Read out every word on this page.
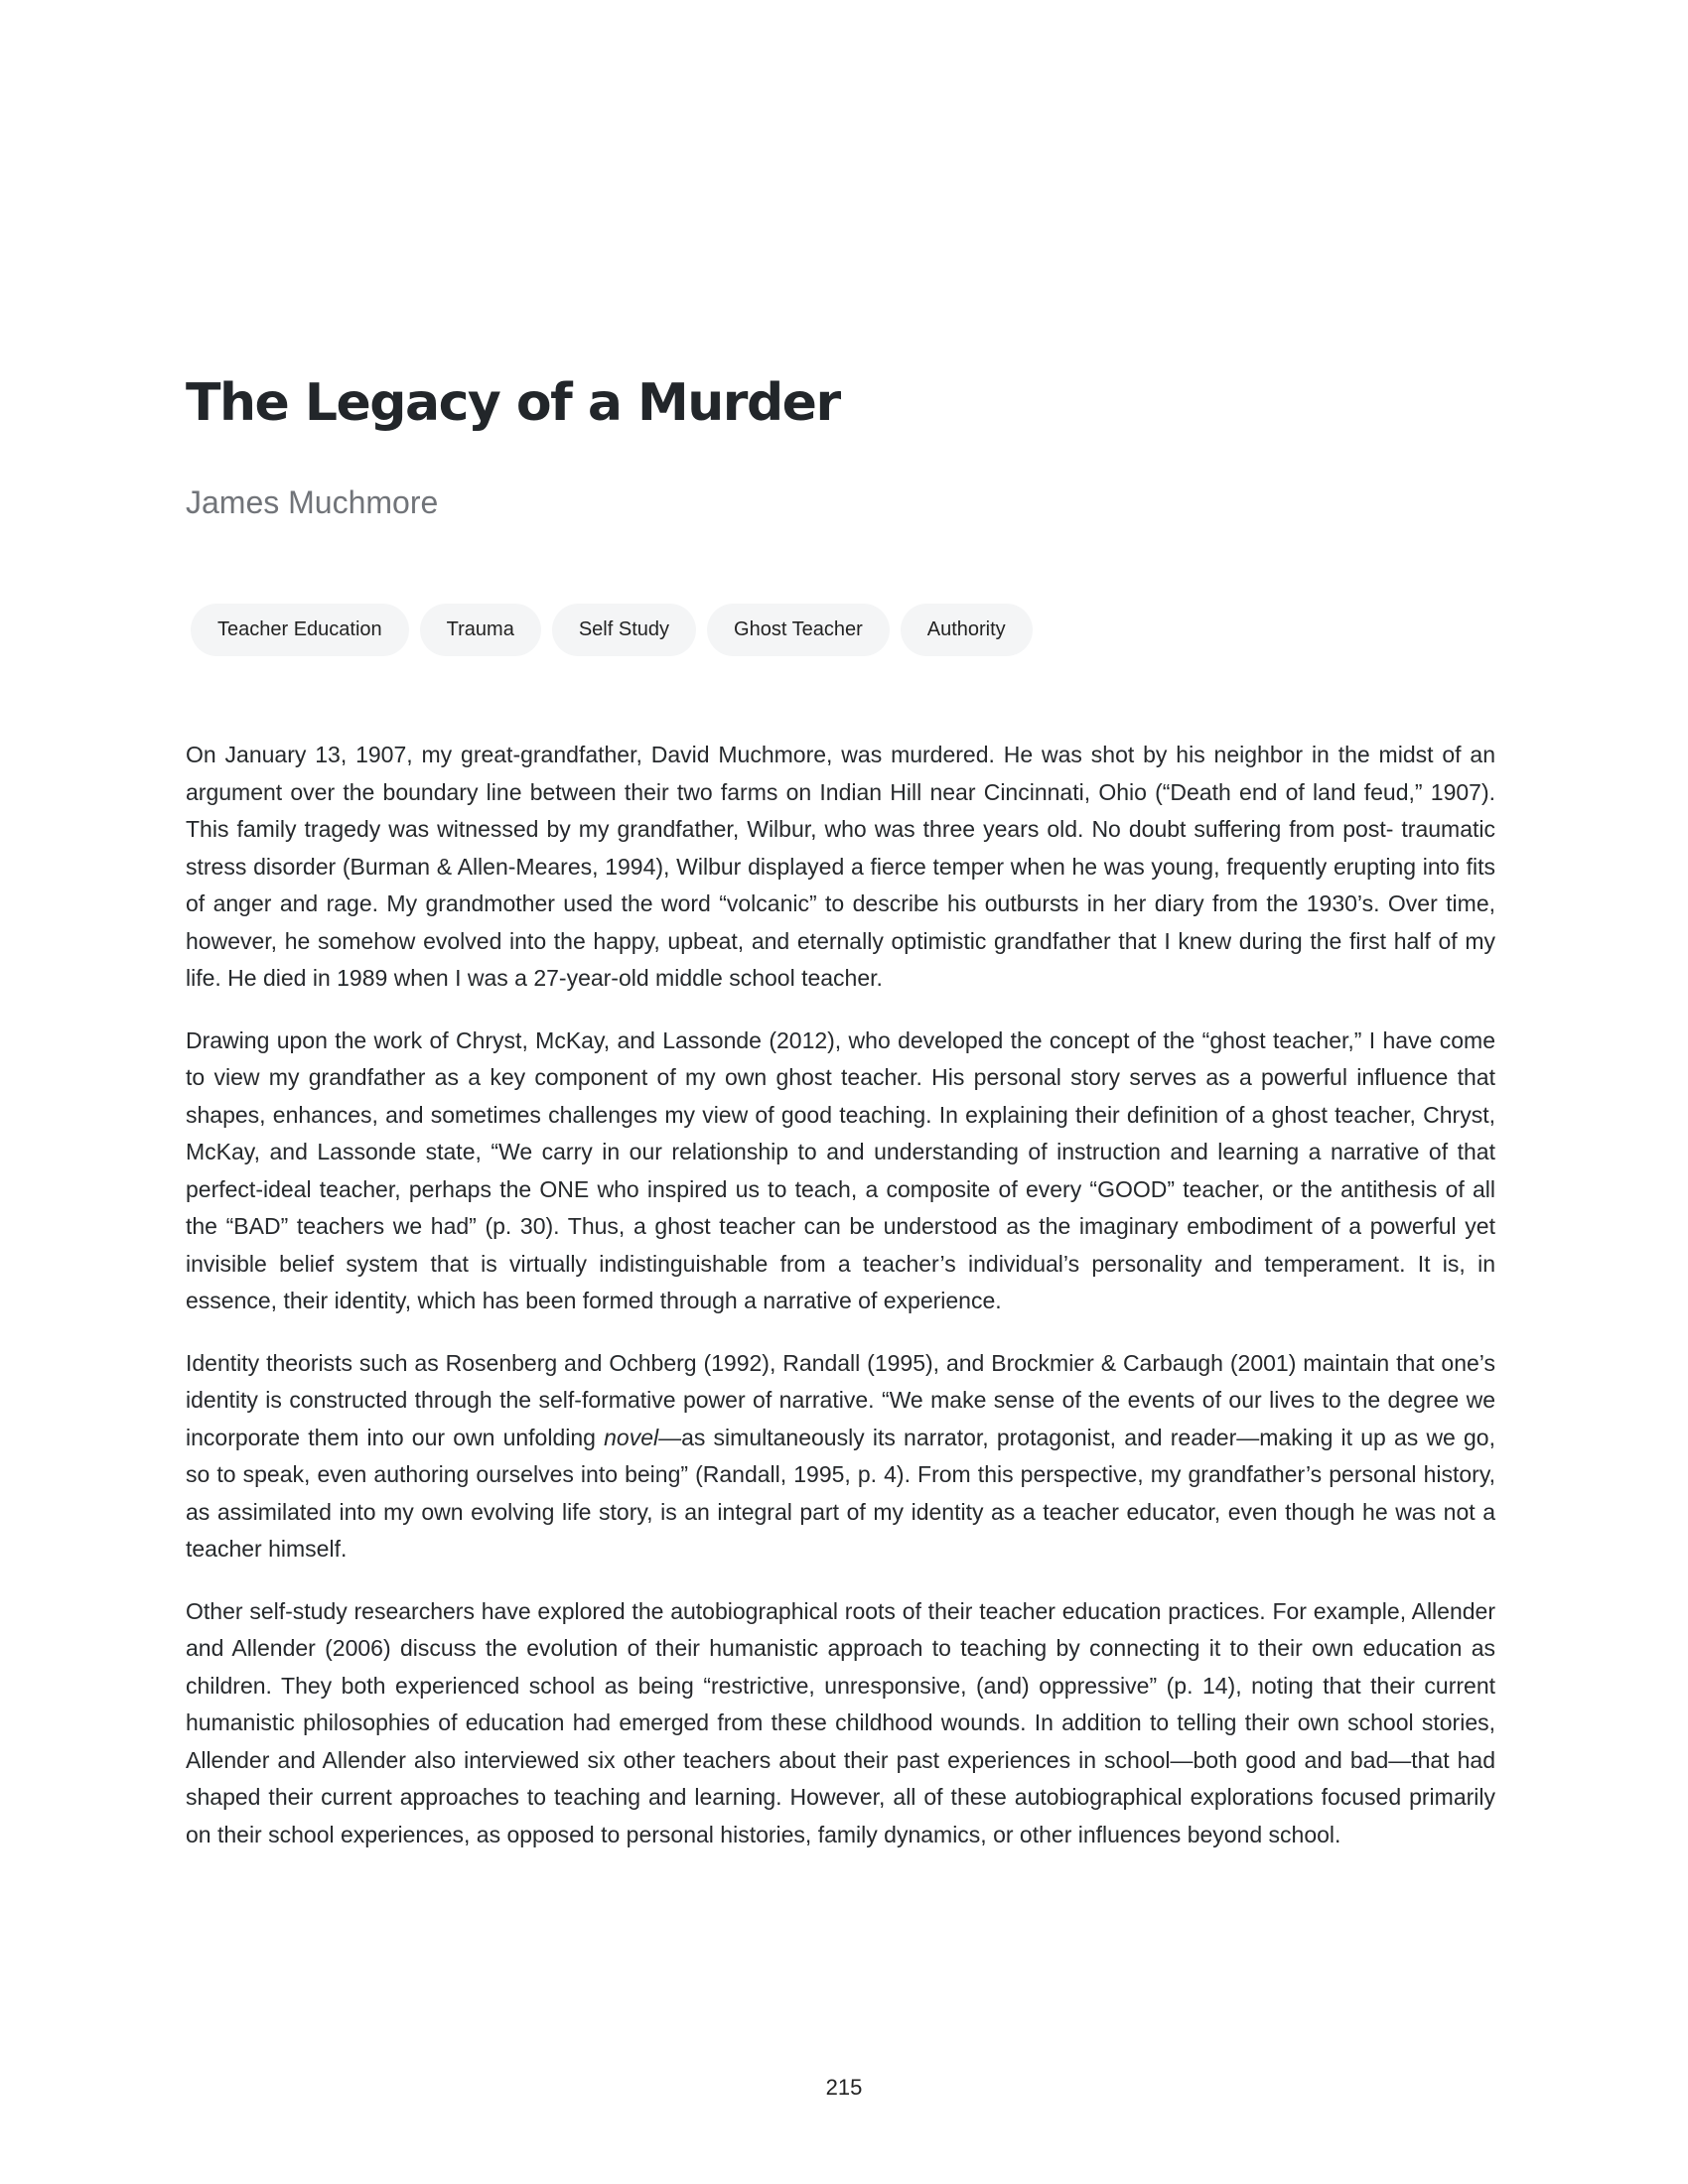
The Legacy of a Murder
James Muchmore
Teacher Education	Trauma	Self Study	Ghost Teacher	Authority

On January 13, 1907, my great-grandfather, David Muchmore, was murdered. He was shot by his neighbor in the midst of an argument over the boundary line between their two farms on Indian Hill near Cincinnati, Ohio (“Death end of land feud,” 1907). This family tragedy was witnessed by my grandfather, Wilbur, who was three years old. No doubt suffering from post- traumatic stress disorder (Burman & Allen-Meares, 1994), Wilbur displayed a fierce temper when he was young, frequently erupting into fits of anger and rage. My grandmother used the word “volcanic” to describe his outbursts in her diary from the 1930’s. Over time, however, he somehow evolved into the happy, upbeat, and eternally optimistic grandfather that I knew during the first half of my life. He died in 1989 when I was a 27-year-old middle school teacher.

Drawing upon the work of Chryst, McKay, and Lassonde (2012), who developed the concept of the “ghost teacher,” I have come to view my grandfather as a key component of my own ghost teacher. His personal story serves as a powerful influence that shapes, enhances, and sometimes challenges my view of good teaching. In explaining their definition of a ghost teacher, Chryst, McKay, and Lassonde state, “We carry in our relationship to and understanding of instruction and learning a narrative of that perfect-ideal teacher, perhaps the ONE who inspired us to teach, a composite of every “GOOD” teacher, or the antithesis of all the “BAD” teachers we had” (p. 30). Thus, a ghost teacher can be understood as the imaginary embodiment of a powerful yet invisible belief system that is virtually indistinguishable from a teacher’s individual’s personality and temperament. It is, in essence, their identity, which has been formed through a narrative of experience.

Identity theorists such as Rosenberg and Ochberg (1992), Randall (1995), and Brockmier & Carbaugh (2001) maintain that one’s identity is constructed through the self-formative power of narrative. “We make sense of the events of our lives to the degree we incorporate them into our own unfolding novel—as simultaneously its narrator, protagonist, and reader—making it up as we go, so to speak, even authoring ourselves into being” (Randall, 1995, p. 4). From this perspective, my grandfather’s personal history, as assimilated into my own evolving life story, is an integral part of my identity as a teacher educator, even though he was not a teacher himself.

Other self-study researchers have explored the autobiographical roots of their teacher education practices. For example, Allender and Allender (2006) discuss the evolution of their humanistic approach to teaching by connecting it to their own education as children. They both experienced school as being “restrictive, unresponsive, (and) oppressive” (p. 14), noting that their current humanistic philosophies of education had emerged from these childhood wounds. In addition to telling their own school stories, Allender and Allender also interviewed six other teachers about their past experiences in school—both good and bad—that had shaped their current approaches to teaching and learning. However, all of these autobiographical explorations focused primarily on their school experiences, as opposed to personal histories, family dynamics, or other influences beyond school.

215
